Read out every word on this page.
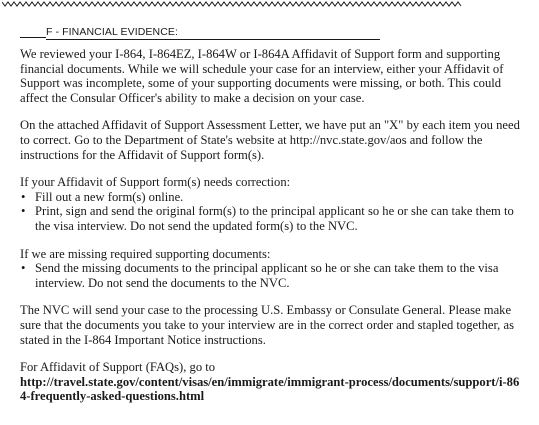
F - FINANCIAL EVIDENCE:

We reviewed your I-864, I-864EZ, I-864W or I-864A Affidavit of Support form and supporting financial documents. While we will schedule your case for an interview, either your Affidavit of Support was incomplete, some of your supporting documents were missing, or both. This could affect the Consular Officer's ability to make a decision on your case.

On the attached Affidavit of Support Assessment Letter, we have put an "X" by each item you need to correct. Go to the Department of State's website at http://nvc.state.gov/aos and follow the instructions for the Affidavit of Support form(s).

If your Affidavit of Support form(s) needs correction:

• Fill out a new form(s) online.
• Print, sign and send the original form(s) to the principal applicant so he or she can take them to the visa interview. Do not send the updated form(s) to the NVC.

If we are missing required supporting documents:

• Send the missing documents to the principal applicant so he or she can take them to the visa interview. Do not send the documents to the NVC.

The NVC will send your case to the processing U.S. Embassy or Consulate General. Please make sure that the documents you take to your interview are in the correct order and stapled together, as stated in the I-864 Important Notice instructions.

For Affidavit of Support (FAQs), go to

http://travel.state.gov/content/visas/en/immigrate/immigrant-process/documents/support/i-864-frequently-asked-questions.html
